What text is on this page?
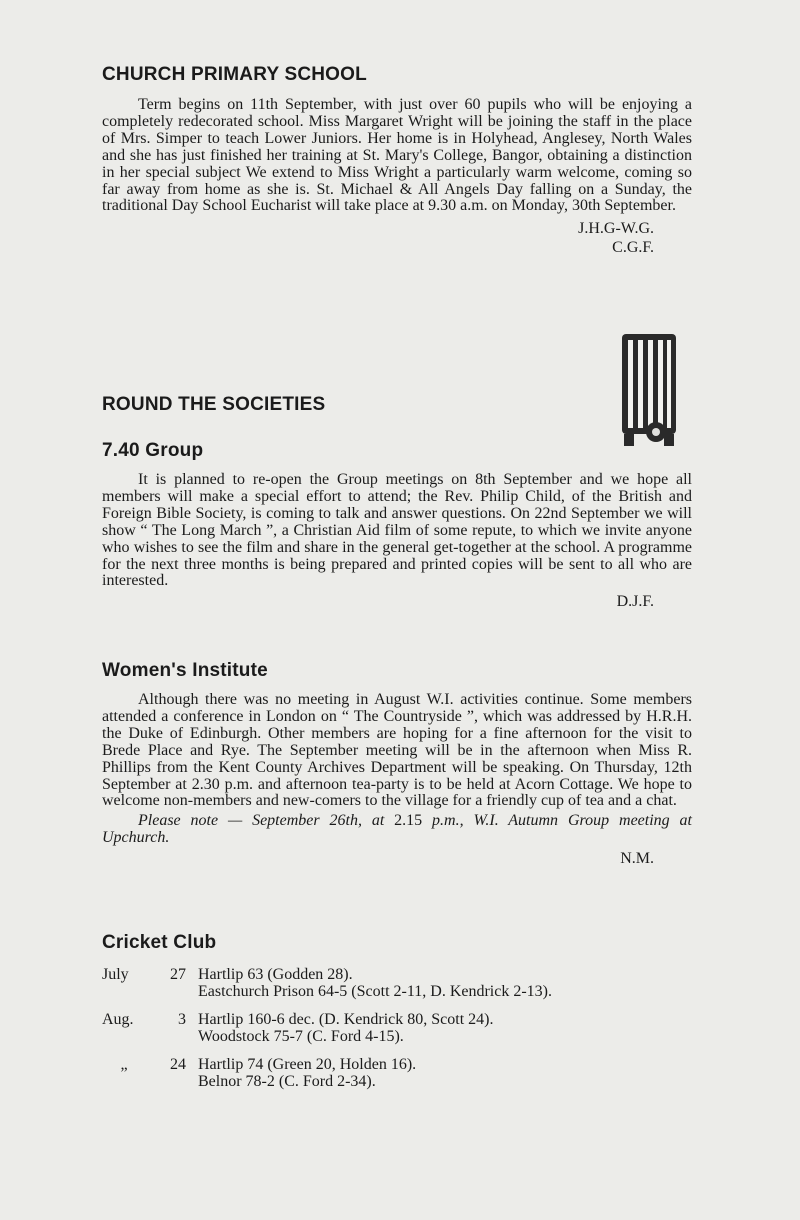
CHURCH PRIMARY SCHOOL

Term begins on 11th September, with just over 60 pupils who will be enjoying a completely redecorated school. Miss Margaret Wright will be joining the staff in the place of Mrs. Simper to teach Lower Juniors. Her home is in Holyhead, Anglesey, North Wales and she has just finished her training at St. Mary's College, Bangor, obtaining a distinction in her special subject We extend to Miss Wright a particularly warm welcome, coming so far away from home as she is. St. Michael & All Angels Day falling on a Sunday, the traditional Day School Eucharist will take place at 9.30 a.m. on Monday, 30th September.

J.H.G-W.G.

C.G.F.

ROUND THE SOCIETIES
7.40 Group

It is planned to re-open the Group meetings on 8th September and we hope all members will make a special effort to attend; the Rev. Philip Child, of the British and Foreign Bible Society, is coming to talk and answer questions. On 22nd September we will show “ The Long March ”, a Christian Aid film of some repute, to which we invite anyone who wishes to see the film and share in the general get-together at the school. A programme for the next three months is being prepared and printed copies will be sent to all who are interested.

D.J.F.

Women's Institute

Although there was no meeting in August W.I. activities continue. Some members attended a conference in London on “ The Countryside ”, which was addressed by H.R.H. the Duke of Edinburgh. Other members are hoping for a fine afternoon for the visit to Brede Place and Rye. The September meeting will be in the afternoon when Miss R. Phillips from the Kent County Archives Department will be speaking. On Thursday, 12th September at 2.30 p.m. and afternoon tea-party is to be held at Acorn Cottage. We hope to welcome non-members and new-comers to the village for a friendly cup of tea and a chat.

Please note — September 26th, at 2.15 p.m., W.I. Autumn Group meeting at Upchurch.

N.M.

Cricket Club
July	27	Hartlip 63 (Godden 28).
Eastchurch Prison 64-5 (Scott 2-11, D. Kendrick 2-13).

Aug.	3	Hartlip 160-6 dec. (D. Kendrick 80, Scott 24).
Woodstock 75-7 (C. Ford 4-15).

„	24	Hartlip 74 (Green 20, Holden 16).
Belnor 78-2 (C. Ford 2-34).
